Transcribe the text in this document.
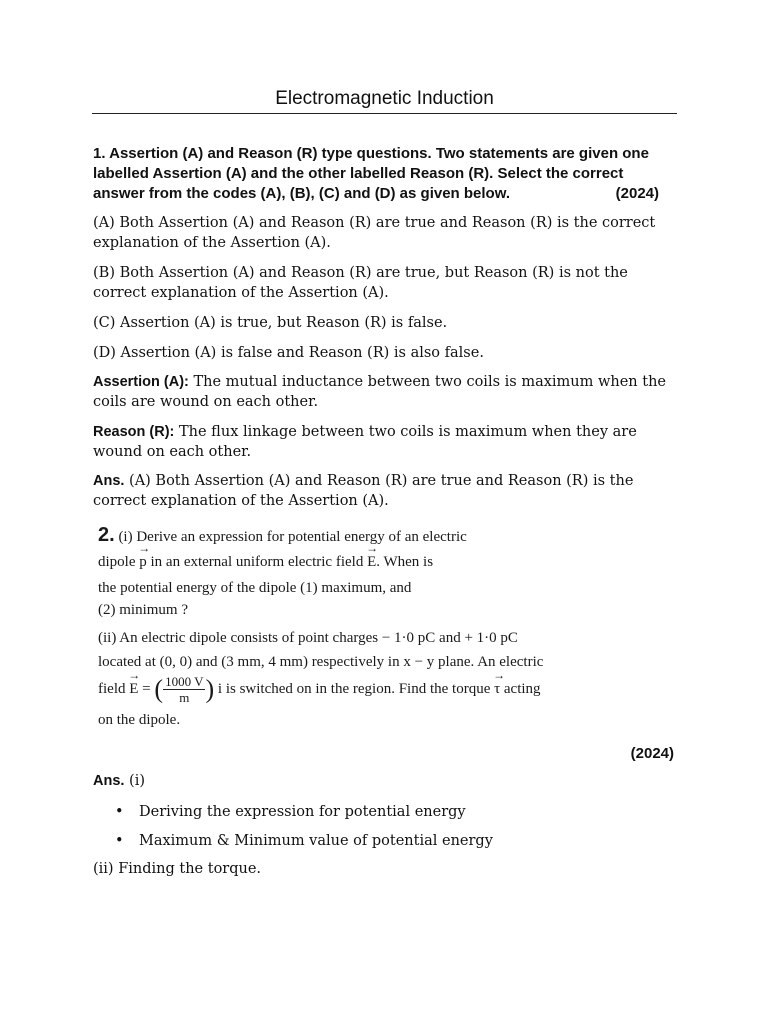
Electromagnetic Induction
1. Assertion (A) and Reason (R) type questions. Two statements are given one labelled Assertion (A) and the other labelled Reason (R). Select the correct answer from the codes (A), (B), (C) and (D) as given below.	(2024)
(A) Both Assertion (A) and Reason (R) are true and Reason (R) is the correct explanation of the Assertion (A).
(B) Both Assertion (A) and Reason (R) are true, but Reason (R) is not the correct explanation of the Assertion (A).
(C) Assertion (A) is true, but Reason (R) is false.
(D) Assertion (A) is false and Reason (R) is also false.
Assertion (A): The mutual inductance between two coils is maximum when the coils are wound on each other.
Reason (R): The flux linkage between two coils is maximum when they are wound on each other.
Ans. (A) Both Assertion (A) and Reason (R) are true and Reason (R) is the correct explanation of the Assertion (A).
2. (i) Derive an expression for potential energy of an electric
dipole → p in an external uniform electric field → E. When is
the potential energy of the dipole (1) maximum, and
(2) minimum ?
(ii) An electric dipole consists of point charges − 1·0 pC and + 1·0 pC
located at (0, 0) and (3 mm, 4 mm) respectively in x − y plane. An electric
field → E = ( $\frac{1000 V}{m}$ ) i is switched on in the region. Find the torque → τ acting
on the dipole.
(2024)
Ans. (i)
• Deriving the expression for potential energy
• Maximum & Minimum value of potential energy
(ii) Finding the torque.
